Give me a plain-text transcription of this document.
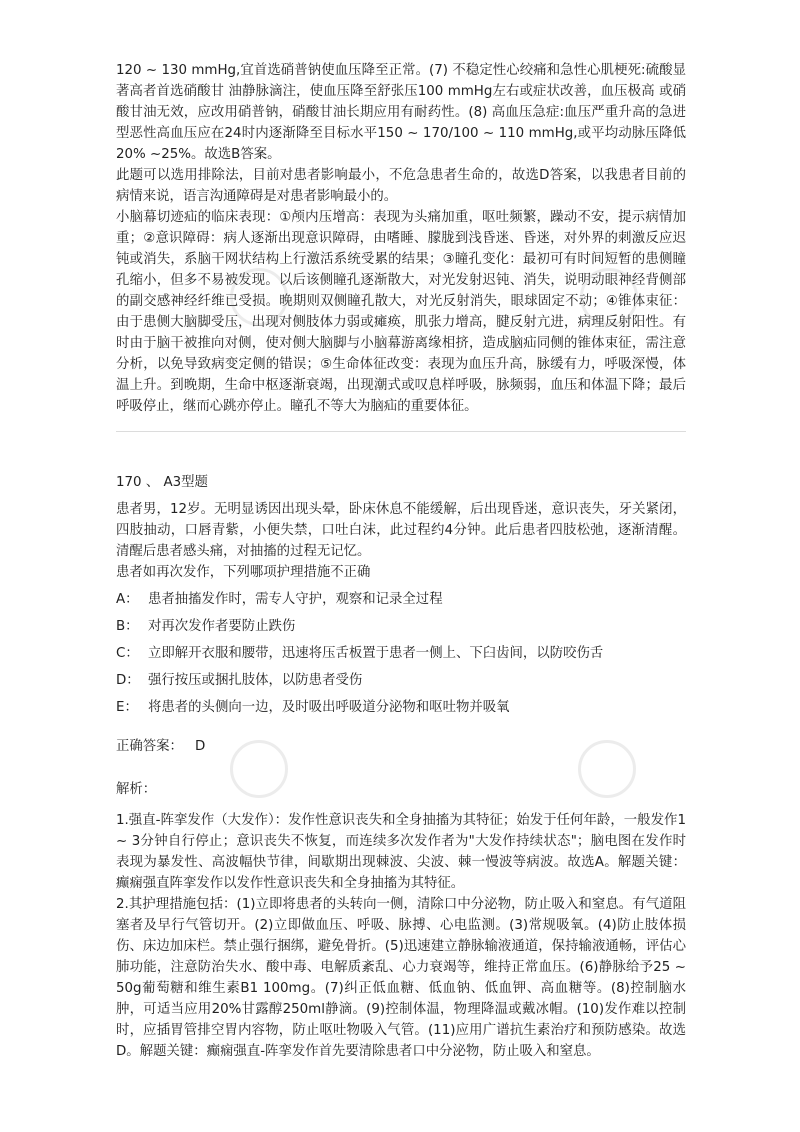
120 ~ 130 mmHg,宜首选硝普钠使血压降至正常。(7) 不稳定性心绞痛和急性心肌梗死:硫酸显著高者首选硝酸甘 油静脉滴注，使血压降至舒张压100 mmHg左右或症状改善，血压极高 或硝酸甘油无效，应改用硝普钠，硝酸甘油长期应用有耐药性。(8) 高血压急症:血压严重升高的急进型恶性高血压应在24时内逐渐降至目标水平150 ~ 170/100 ~ 110 mmHg,或平均动脉压降低 20% ~25%。故选B答案。

此题可以选用排除法，目前对患者影响最小，不危急患者生命的，故选D答案，以我患者目前的病情来说，语言沟通障碍是对患者影响最小的。

小脑幕切迹疝的临床表现：①颅内压增高：表现为头痛加重，呕吐频繁，躁动不安，提示病情加重；②意识障碍：病人逐渐出现意识障碍，由嗜睡、朦胧到浅昏迷、昏迷，对外界的刺激反应迟钝或消失，系脑干网状结构上行激活系统受累的结果；③瞳孔变化：最初可有时间短暂的患侧瞳孔缩小，但多不易被发现。以后该侧瞳孔逐渐散大，对光发射迟钝、消失，说明动眼神经背侧部的副交感神经纤维已受损。晚期则双侧瞳孔散大，对光反射消失，眼球固定不动；④锥体束征：由于患侧大脑脚受压，出现对侧肢体力弱或瘫痪，肌张力增高，腱反射亢进，病理反射阳性。有时由于脑干被推向对侧，使对侧大脑脚与小脑幕游离缘相挤，造成脑疝同侧的锥体束征，需注意分析，以免导致病变定侧的错误；⑤生命体征改变：表现为血压升高，脉缓有力，呼吸深慢，体温上升。到晚期，生命中枢逐渐衰竭，出现潮式或叹息样呼吸，脉频弱，血压和体温下降；最后呼吸停止，继而心跳亦停止。瞳孔不等大为脑疝的重要体征。

170 、 A3型题

患者男，12岁。无明显诱因出现头晕，卧床休息不能缓解，后出现昏迷，意识丧失，牙关紧闭，四肢抽动，口唇青紫，小便失禁，口吐白沫，此过程约4分钟。此后患者四肢松弛，逐渐清醒。清醒后患者感头痛，对抽搐的过程无记忆。

患者如再次发作，下列哪项护理措施不正确

A： 患者抽搐发作时，需专人守护，观察和记录全过程
B： 对再次发作者要防止跌伤
C： 立即解开衣服和腰带，迅速将压舌板置于患者一侧上、下臼齿间，以防咬伤舌
D： 强行按压或捆扎肢体，以防患者受伤
E： 将患者的头侧向一边，及时吸出呼吸道分泌物和呕吐物并吸氧
正确答案： D
解析：

1.强直-阵挛发作（大发作）：发作性意识丧失和全身抽搐为其特征；始发于任何年龄，一般发作1 ~ 3分钟自行停止；意识丧失不恢复，而连续多次发作者为"大发作持续状态"；脑电图在发作时表现为暴发性、高波幅快节律，间歇期出现棘波、尖波、棘一慢波等病波。故选A。解题关键：癫痫强直阵挛发作以发作性意识丧失和全身抽搐为其特征。

2.其护理措施包括：(1)立即将患者的头转向一侧，清除口中分泌物，防止吸入和窒息。有气道阻塞者及早行气管切开。(2)立即做血压、呼吸、脉搏、心电监测。(3)常规吸氧。(4)防止肢体损伤、床边加床栏。禁止强行捆绑，避免骨折。(5)迅速建立静脉输液通道，保持输液通畅，评估心肺功能，注意防治失水、酸中毒、电解质紊乱、心力衰竭等，维持正常血压。(6)静脉给予25 ~ 50g葡萄糖和维生素B1 100mg。(7)纠正低血糖、低血钠、低血钾、高血糖等。(8)控制脑水肿，可适当应用20%甘露醇250ml静滴。(9)控制体温，物理降温或戴冰帽。(10)发作难以控制时，应插胃管排空胃内容物，防止呕吐物吸入气管。(11)应用广谱抗生素治疗和预防感染。故选D。解题关键：癫痫强直-阵挛发作首先要清除患者口中分泌物，防止吸入和窒息。
